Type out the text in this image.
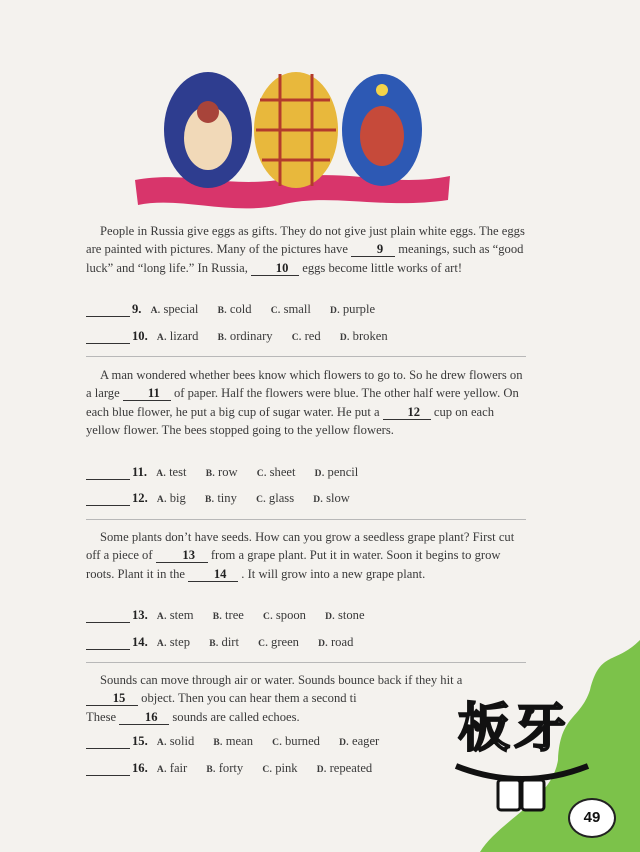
板牙

People in Russia give eggs as gifts. They do not give just plain white eggs. The eggs are painted with pictures. Many of the pictures have 9 meanings, such as “good luck” and “long life.” In Russia, 10 eggs become little works of art!

9. A. special B. cold C. small D. purple
10. A. lizard B. ordinary C. red D. broken

A man wondered whether bees know which flowers to go to. So he drew flowers on a large 11 of paper. Half the flowers were blue. The other half were yellow. On each blue flower, he put a big cup of sugar water. He put a 12 cup on each yellow flower. The bees stopped going to the yellow flowers.

11. A. test B. row C. sheet D. pencil
12. A. big B. tiny C. glass D. slow

Some plants don’t have seeds. How can you grow a seedless grape plant? First cut off a piece of 13 from a grape plant. Put it in water. Soon it begins to grow roots. Plant it in the 14 . It will grow into a new grape plant.

13. A. stem B. tree C. spoon D. stone
14. A. step B. dirt C. green D. road

Sounds can move through air or water. Sounds bounce back if they hit a 15 object. Then you can hear them a second ti
These 16 sounds are called echoes.

15. A. solid B. mean C. burned D. eager
16. A. fair B. forty C. pink D. repeated
49
